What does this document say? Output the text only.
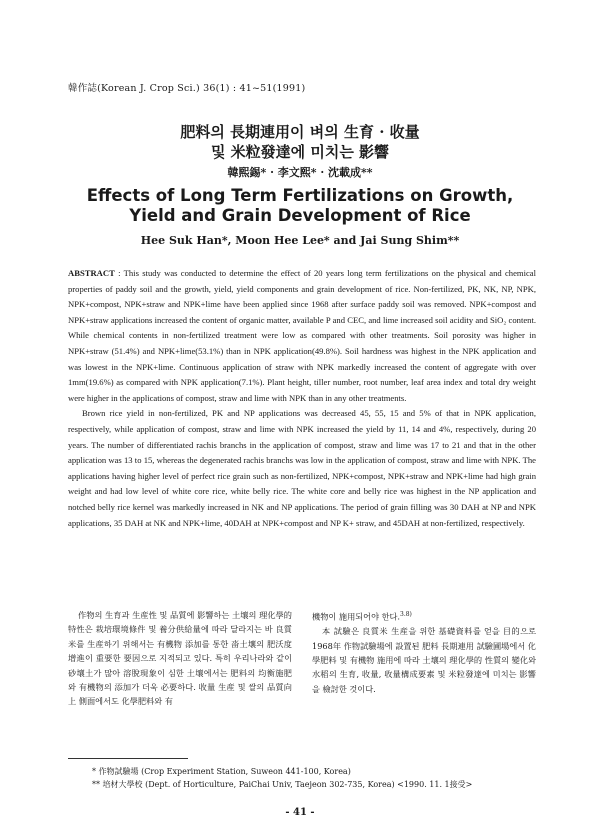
韓作誌(Korean J. Crop Sci.) 36(1) : 41~51(1991)
肥料의 長期連用이 벼의 生育 · 收量
및 米粒發達에 미치는 影響
韓熙錫* · 李文熙* · 沈載成**
Effects of Long Term Fertilizations on Growth,
Yield and Grain Development of Rice
Hee Suk Han*, Moon Hee Lee* and Jai Sung Shim**

ABSTRACT : This study was conducted to determine the effect of 20 years long term fertilizations on the physical and chemical properties of paddy soil and the growth, yield, yield components and grain development of rice. Non-fertilized, PK, NK, NP, NPK, NPK+compost, NPK+straw and NPK+lime have been applied since 1968 after surface paddy soil was removed. NPK+compost and NPK+straw applications increased the content of organic matter, available P and CEC, and lime increased soil acidity and SiO₂ content. While chemical contents in non-fertilized treatment were low as compared with other treatments. Soil porosity was higher in NPK+straw (51.4%) and NPK+lime(53.1%) than in NPK application(49.8%). Soil hardness was highest in the NPK application and was lowest in the NPK+lime. Continuous application of straw with NPK markedly increased the content of aggregate with over 1mm(19.6%) as compared with NPK application(7.1%). Plant height, tiller number, root number, leaf area index and total dry weight were higher in the applications of compost, straw and lime with NPK than in any other treatments.

Brown rice yield in non-fertilized, PK and NP applications was decreased 45, 55, 15 and 5% of that in NPK application, respectively, while application of compost, straw and lime with NPK increased the yield by 11, 14 and 4%, respectively, during 20 years. The number of differentiated rachis branchs in the application of compost, straw and lime was 17 to 21 and that in the other application was 13 to 15, whereas the degenerated rachis branchs was low in the application of compost, straw and lime with NPK. The applications having higher level of perfect rice grain such as non-fertilized, NPK+compost, NPK+straw and NPK+lime had high grain weight and had low level of white core rice, white belly rice. The white core and belly rice was highest in the NP application and notched belly rice kernel was markedly increased in NK and NP applications. The period of grain filling was 30 DAH at NP and NPK applications, 35 DAH at NK and NPK+lime, 40DAH at NPK+compost and NP K+ straw, and 45DAH at non-fertilized, respectively.

作物의 生育과 生産性 및 品質에 影響하는 土壤의 理化學的 特性은 栽培環境條件 및 養分供給量에 따라 달라지는 바 良質米를 生産하기 위해서는 有機物 添加를 통한 畓土壤의 肥沃度 增進이 重要한 要因으로 지적되고 있다. 특히 우리나라와 같이 砂壤土가 많아 溶脫現象이 심한 土壤에서는 肥料의 均衡施肥와 有機物의 添加가 더욱 必要하다. 收量 生産 및 쌀의 品質向上 側面에서도 化學肥料와 有

機物이 施用되어야 한다.$^{3.8)}$

本 試驗은 良質米 生産을 위한 基礎資料를 얻을 目的으로 1968年 作物試驗場에 設置된 肥料 長期連用 試驗圃場에서 化學肥料 및 有機物 施用에 따라 土壤의 理化學的 性質의 變化와 水稻의 生育, 收量, 收量構成要素 및 米粒發達에 미치는 影響을 檢討한 것이다.

* 作物試驗場 (Crop Experiment Station, Suweon 441-100, Korea)
** 培材大學校 (Dept. of Horticulture, PaiChai Univ, Taejeon 302-735, Korea) <1990. 11. 1接受>
- 41 -
